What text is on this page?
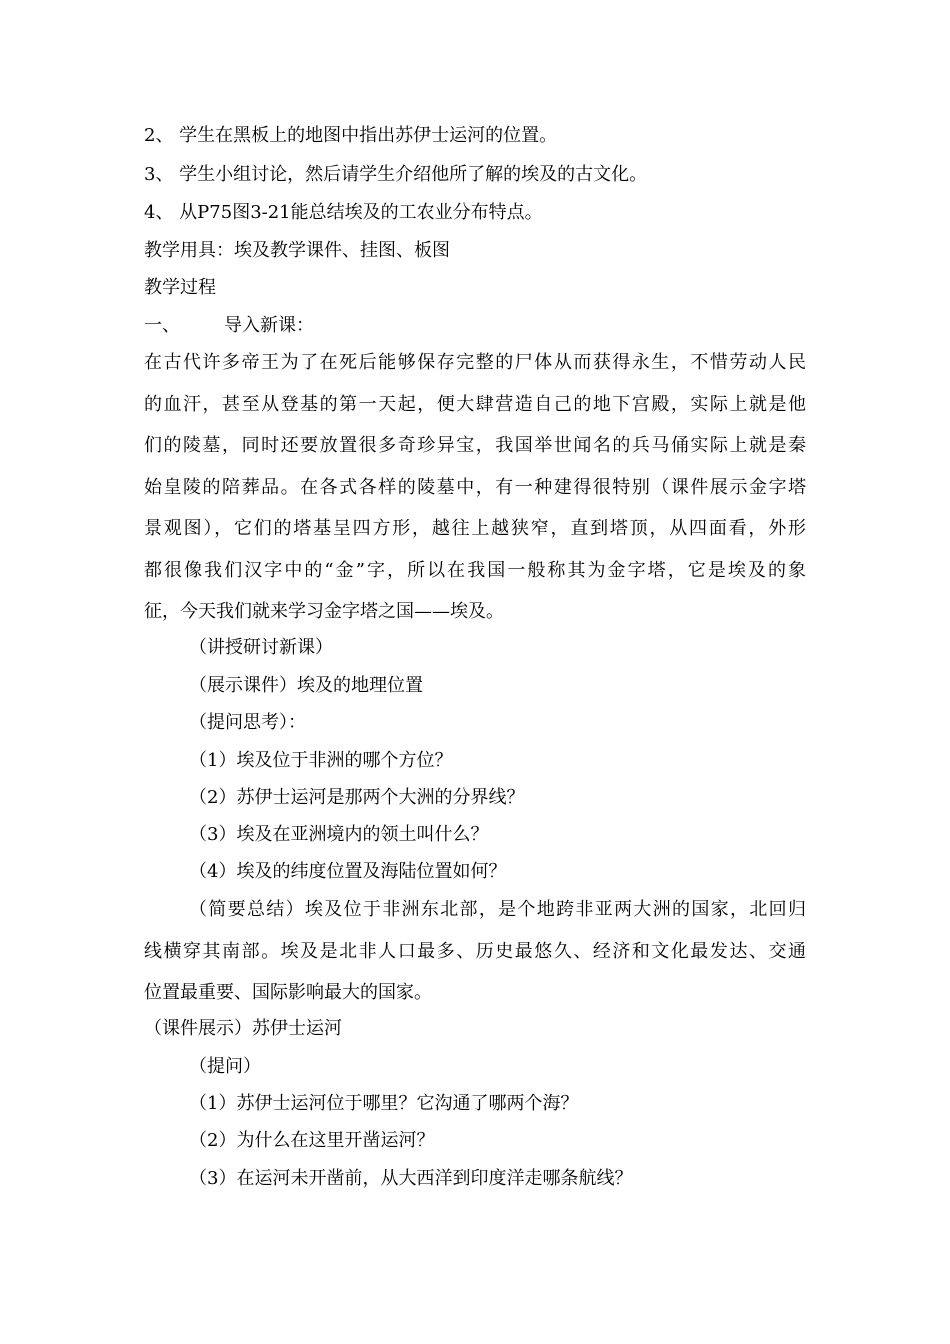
2、 学生在黑板上的地图中指出苏伊士运河的位置。
3、 学生小组讨论，然后请学生介绍他所了解的埃及的古文化。
4、 从P75图3-21能总结埃及的工农业分布特点。
教学用具：埃及教学课件、挂图、板图
教学过程
一、 导入新课：
在古代许多帝王为了在死后能够保存完整的尸体从而获得永生，不惜劳动人民
的血汗，甚至从登基的第一天起，便大肆营造自己的地下宫殿，实际上就是他
们的陵墓，同时还要放置很多奇珍异宝，我国举世闻名的兵马俑实际上就是秦
始皇陵的陪葬品。在各式各样的陵墓中，有一种建得很特别（课件展示金字塔
景观图），它们的塔基呈四方形，越往上越狭窄，直到塔顶，从四面看，外形
都很像我们汉字中的“金”字，所以在我国一般称其为金字塔，它是埃及的象
征，今天我们就来学习金字塔之国——埃及。
（讲授研讨新课）
（展示课件）埃及的地理位置
（提问思考）：
（1）埃及位于非洲的哪个方位？
（2）苏伊士运河是那两个大洲的分界线？
（3）埃及在亚洲境内的领土叫什么？
（4）埃及的纬度位置及海陆位置如何？
（简要总结）埃及位于非洲东北部，是个地跨非亚两大洲的国家，北回归
线横穿其南部。埃及是北非人口最多、历史最悠久、经济和文化最发达、交通
位置最重要、国际影响最大的国家。
（课件展示）苏伊士运河
（提问）
（1）苏伊士运河位于哪里？它沟通了哪两个海？
（2）为什么在这里开凿运河？
（3）在运河未开凿前，从大西洋到印度洋走哪条航线？
